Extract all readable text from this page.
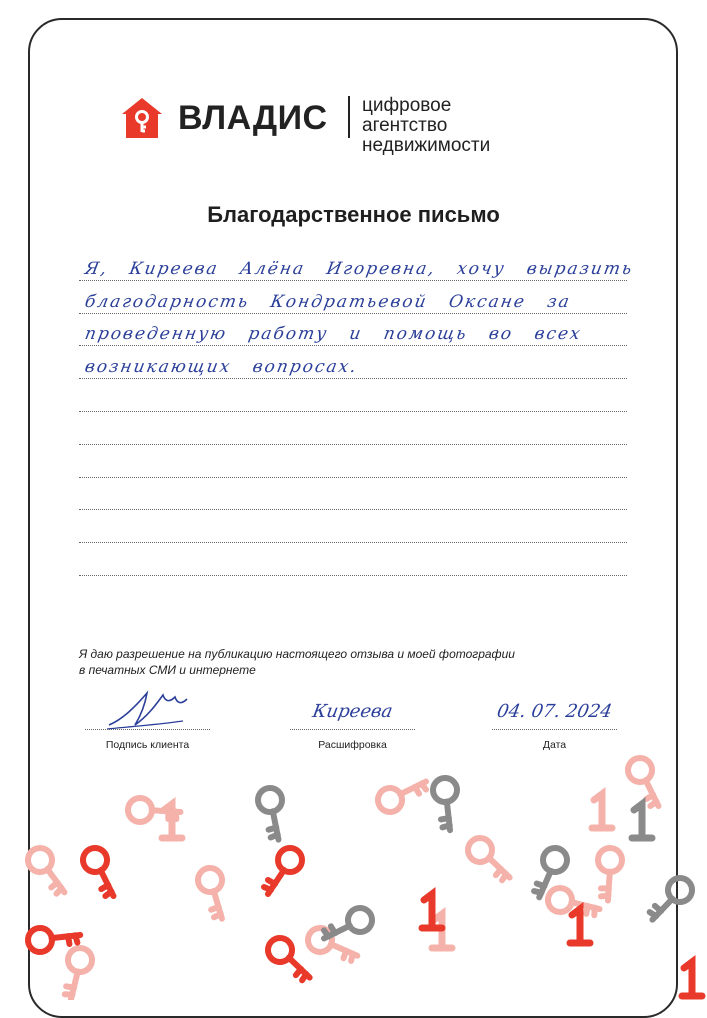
ВЛАДИС цифровое агентство
недвижимости
Благодарственное письмо
Я, Киреева Алёна Игоревна, хочу выразить
благодарность Кондратьевой Оксане за
проведенную работу и помощь во всех
возникающих вопросах.
Я даю разрешение на публикацию настоящего отзыва и моей фотографии
в печатных СМИ и интернете
Подпись клиента
Киреева
Расшифровка
04. 07. 2024
Дата
